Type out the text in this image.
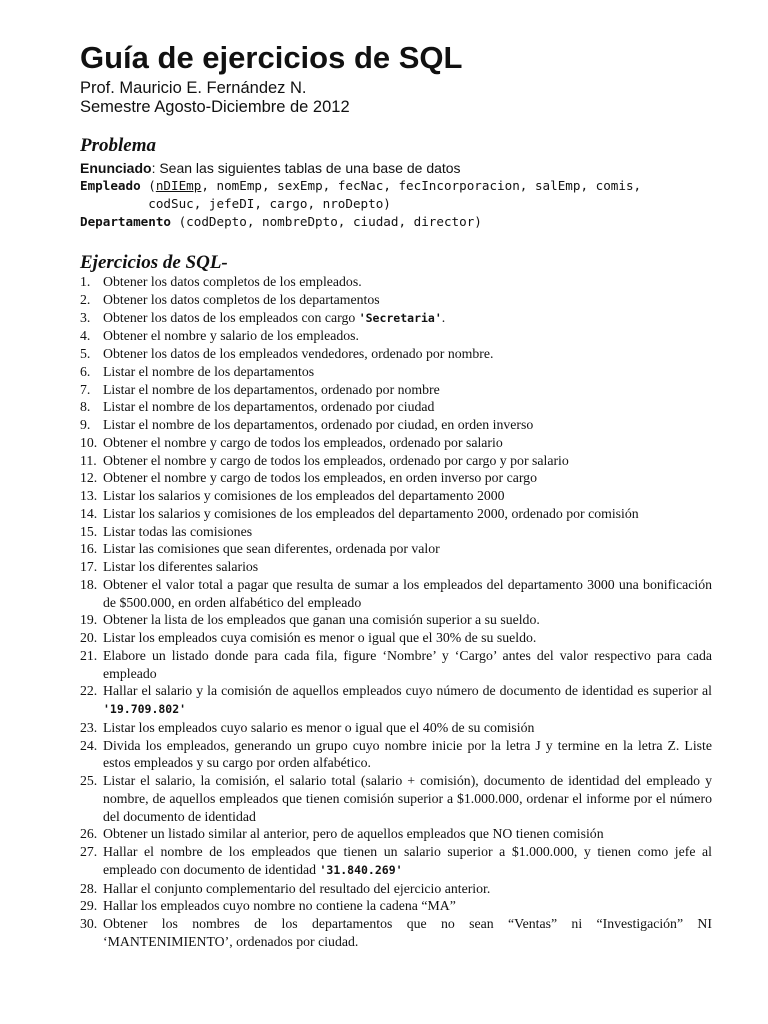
Guía de ejercicios de SQL
Prof. Mauricio E. Fernández N.
Semestre Agosto-Diciembre de 2012
Problema
Enunciado: Sean las siguientes tablas de una base de datos
Empleado (nDIEmp, nomEmp, sexEmp, fecNac, fecIncorporacion, salEmp, comis,
codSuc, jefeDI, cargo, nroDepto)
Departamento (codDepto, nombreDpto, ciudad, director)
Ejercicios de SQL-
1. Obtener los datos completos de los empleados.
2. Obtener los datos completos de los departamentos
3. Obtener los datos de los empleados con cargo 'Secretaria'.
4. Obtener el nombre y salario de los empleados.
5. Obtener los datos de los empleados vendedores, ordenado por nombre.
6. Listar el nombre de los departamentos
7. Listar el nombre de los departamentos, ordenado por nombre
8. Listar el nombre de los departamentos, ordenado por ciudad
9. Listar el nombre de los departamentos, ordenado por ciudad, en orden inverso
10. Obtener el nombre y cargo de todos los empleados, ordenado por salario
11. Obtener el nombre y cargo de todos los empleados, ordenado por cargo y por salario
12. Obtener el nombre y cargo de todos los empleados, en orden inverso por cargo
13. Listar los salarios y comisiones de los empleados del departamento 2000
14. Listar los salarios y comisiones de los empleados del departamento 2000, ordenado por comisión
15. Listar todas las comisiones
16. Listar las comisiones que sean diferentes, ordenada por valor
17. Listar los diferentes salarios
18. Obtener el valor total a pagar que resulta de sumar a los empleados del departamento 3000 una bonificación de $500.000, en orden alfabético del empleado
19. Obtener la lista de los empleados que ganan una comisión superior a su sueldo.
20. Listar los empleados cuya comisión es menor o igual que el 30% de su sueldo.
21. Elabore un listado donde para cada fila, figure ‘Nombre’ y ‘Cargo’ antes del valor respectivo para cada empleado
22. Hallar el salario y la comisión de aquellos empleados cuyo número de documento de identidad es superior al '19.709.802'
23. Listar los empleados cuyo salario es menor o igual que el 40% de su comisión
24. Divida los empleados, generando un grupo cuyo nombre inicie por la letra J y termine en la letra Z. Liste estos empleados y su cargo por orden alfabético.
25. Listar el salario, la comisión, el salario total (salario + comisión), documento de identidad del empleado y nombre, de aquellos empleados que tienen comisión superior a $1.000.000, ordenar el informe por el número del documento de identidad
26. Obtener un listado similar al anterior, pero de aquellos empleados que NO tienen comisión
27. Hallar el nombre de los empleados que tienen un salario superior a $1.000.000, y tienen como jefe al empleado con documento de identidad '31.840.269'
28. Hallar el conjunto complementario del resultado del ejercicio anterior.
29. Hallar los empleados cuyo nombre no contiene la cadena “MA”
30. Obtener los nombres de los departamentos que no sean “Ventas” ni “Investigación” NI ‘MANTENIMIENTO’, ordenados por ciudad.
